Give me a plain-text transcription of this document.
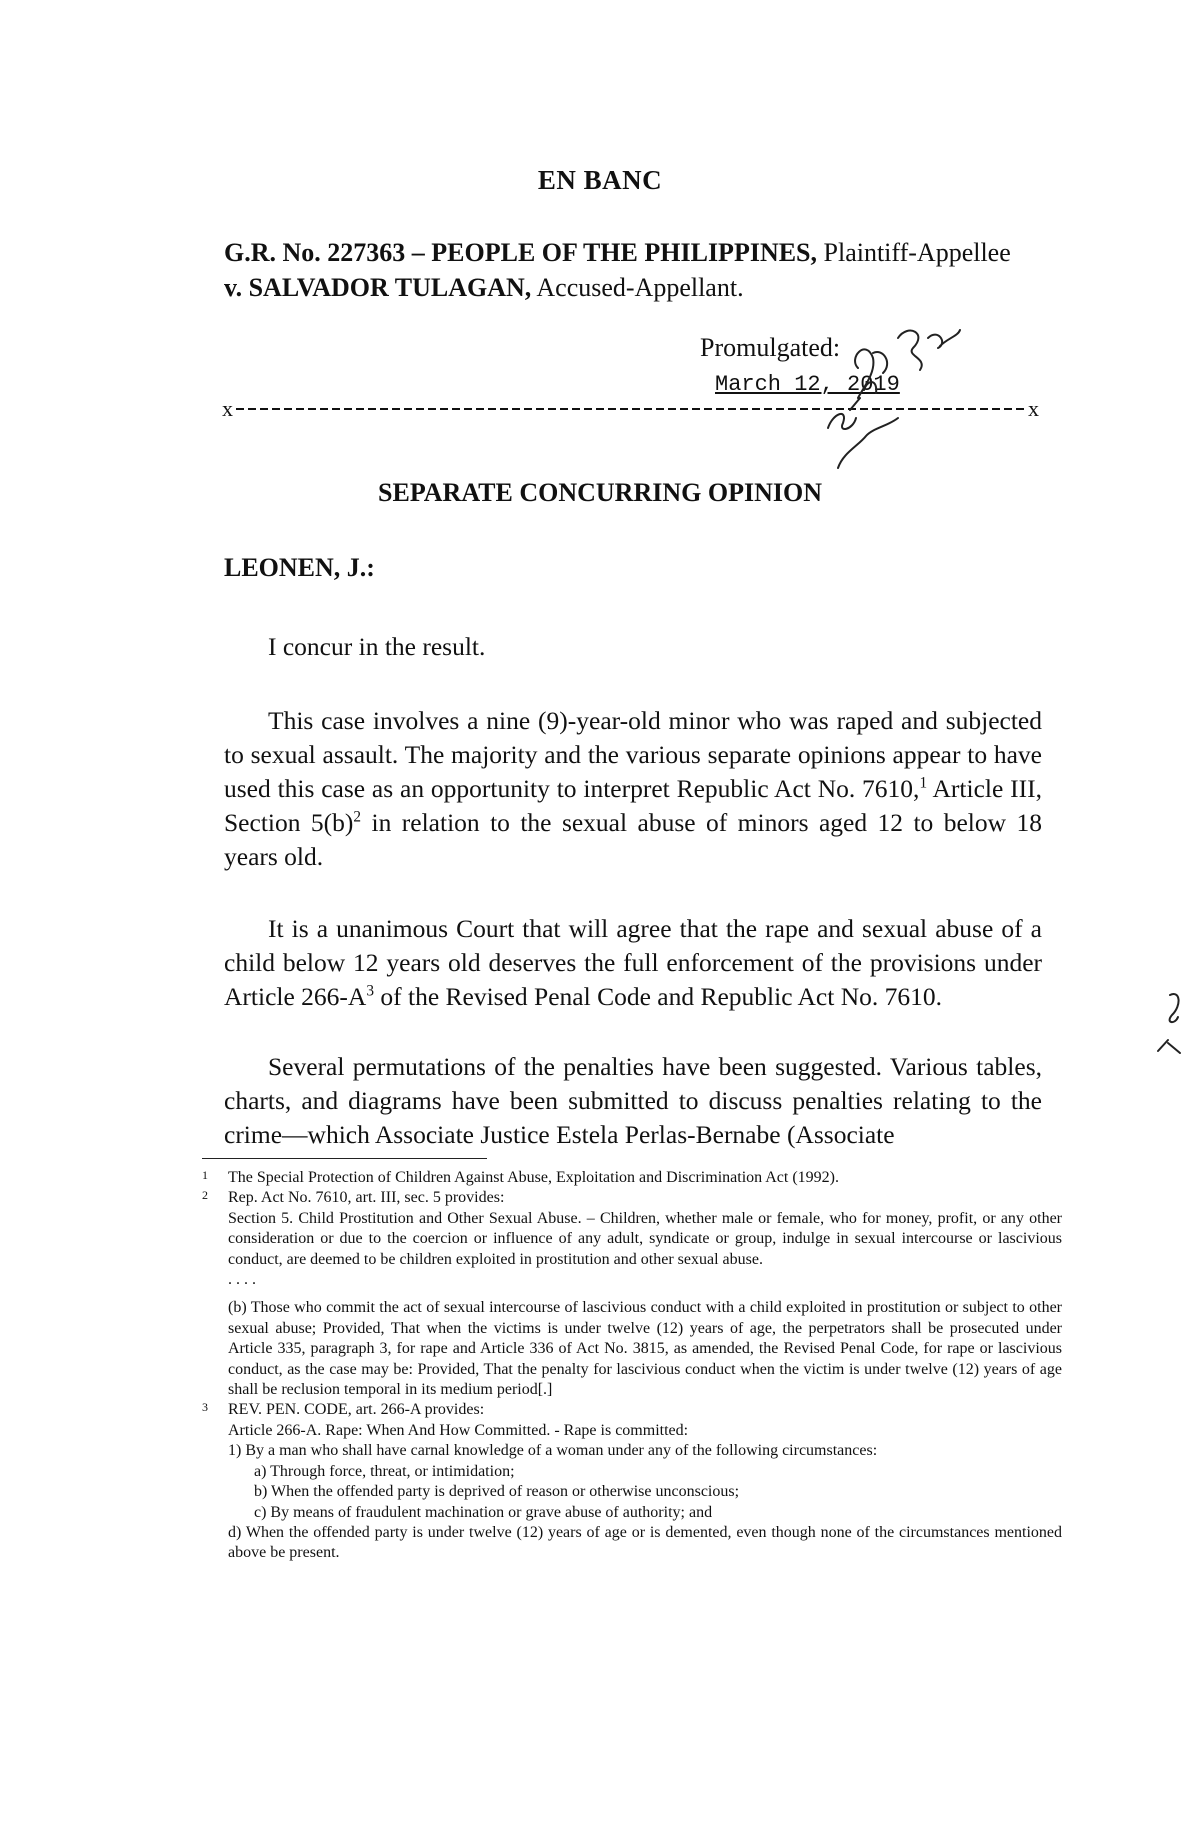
EN BANC
G.R. No. 227363 – PEOPLE OF THE PHILIPPINES, Plaintiff-Appellee
v. SALVADOR TULAGAN, Accused-Appellant.
Promulgated:
March 12, 2019
x	x
SEPARATE CONCURRING OPINION
LEONEN, J.:

I concur in the result.

This case involves a nine (9)-year-old minor who was raped and subjected to sexual assault. The majority and the various separate opinions appear to have used this case as an opportunity to interpret Republic Act No. 7610,$^1$ Article III, Section $5(b)^2$ in relation to the sexual abuse of minors aged 12 to below 18 years old.

It is a unanimous Court that will agree that the rape and sexual abuse of a child below 12 years old deserves the full enforcement of the provisions under Article $266-A^3$ of the Revised Penal Code and Republic Act No. 7610.

Several permutations of the penalties have been suggested. Various tables, charts, and diagrams have been submitted to discuss penalties relating to the crime—which Associate Justice Estela Perlas-Bernabe (Associate

1 The Special Protection of Children Against Abuse, Exploitation and Discrimination Act (1992).

2 Rep. Act No. 7610, art. III, sec. 5 provides:

Section 5. Child Prostitution and Other Sexual Abuse. – Children, whether male or female, who for money, profit, or any other consideration or due to the coercion or influence of any adult, syndicate or group, indulge in sexual intercourse or lascivious conduct, are deemed to be children exploited in prostitution and other sexual abuse.

. . . .

(b) Those who commit the act of sexual intercourse of lascivious conduct with a child exploited in prostitution or subject to other sexual abuse; Provided, That when the victims is under twelve (12) years of age, the perpetrators shall be prosecuted under Article 335, paragraph 3, for rape and Article 336 of Act No. 3815, as amended, the Revised Penal Code, for rape or lascivious conduct, as the case may be: Provided, That the penalty for lascivious conduct when the victim is under twelve (12) years of age shall be reclusion temporal in its medium period[.]

3 REV. PEN. CODE, art. 266-A provides:

Article 266-A. Rape: When And How Committed. - Rape is committed:

1) By a man who shall have carnal knowledge of a woman under any of the following circumstances:

a) Through force, threat, or intimidation;

b) When the offended party is deprived of reason or otherwise unconscious;

c) By means of fraudulent machination or grave abuse of authority; and

d) When the offended party is under twelve (12) years of age or is demented, even though none of the circumstances mentioned above be present.
